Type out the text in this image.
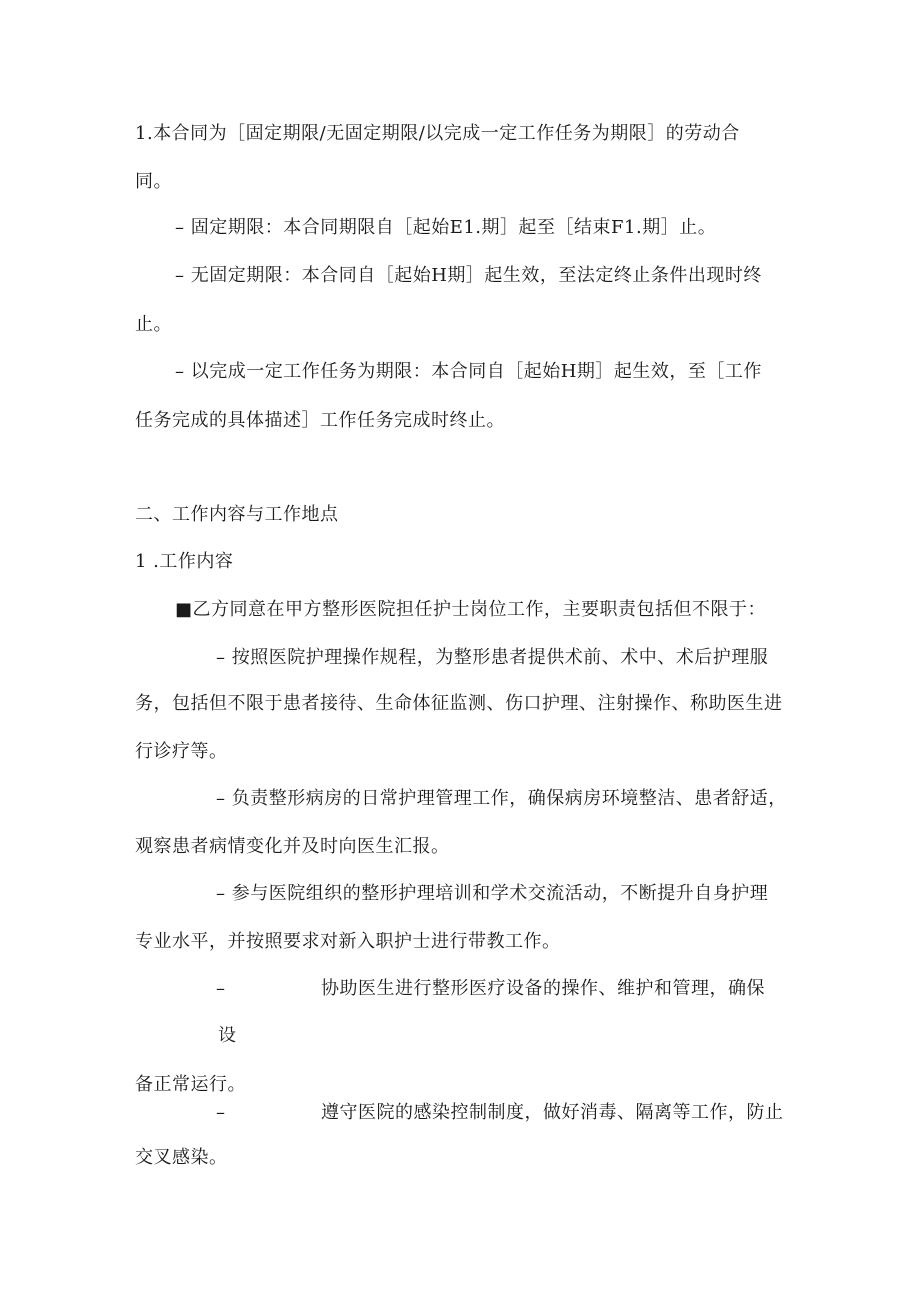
1.本合同为［固定期限/无固定期限/以完成一定工作任务为期限］的劳动合
同。
– 固定期限：本合同期限自［起始E1.期］起至［结束F1.期］止。
– 无固定期限：本合同自［起始H期］起生效，至法定终止条件出现时终
止。
– 以完成一定工作任务为期限：本合同自［起始H期］起生效，至［工作
任务完成的具体描述］工作任务完成时终止。
二、工作内容与工作地点
1 .工作内容
■乙方同意在甲方整形医院担任护士岗位工作，主要职责包括但不限于：
– 按照医院护理操作规程，为整形患者提供术前、术中、术后护理服
务，包括但不限于患者接待、生命体征监测、伤口护理、注射操作、称助医生进
行诊疗等。
– 负责整形病房的日常护理管理工作，确保病房环境整洁、患者舒适，
观察患者病情变化并及时向医生汇报。
– 参与医院组织的整形护理培训和学术交流活动，不断提升自身护理
专业水平，并按照要求对新入职护士进行带教工作。
–	协助医生进行整形医疗设备的操作、维护和管理，确保
设
备正常运行。
–	遵守医院的感染控制制度，做好消毒、隔离等工作，防止
交叉感染。
